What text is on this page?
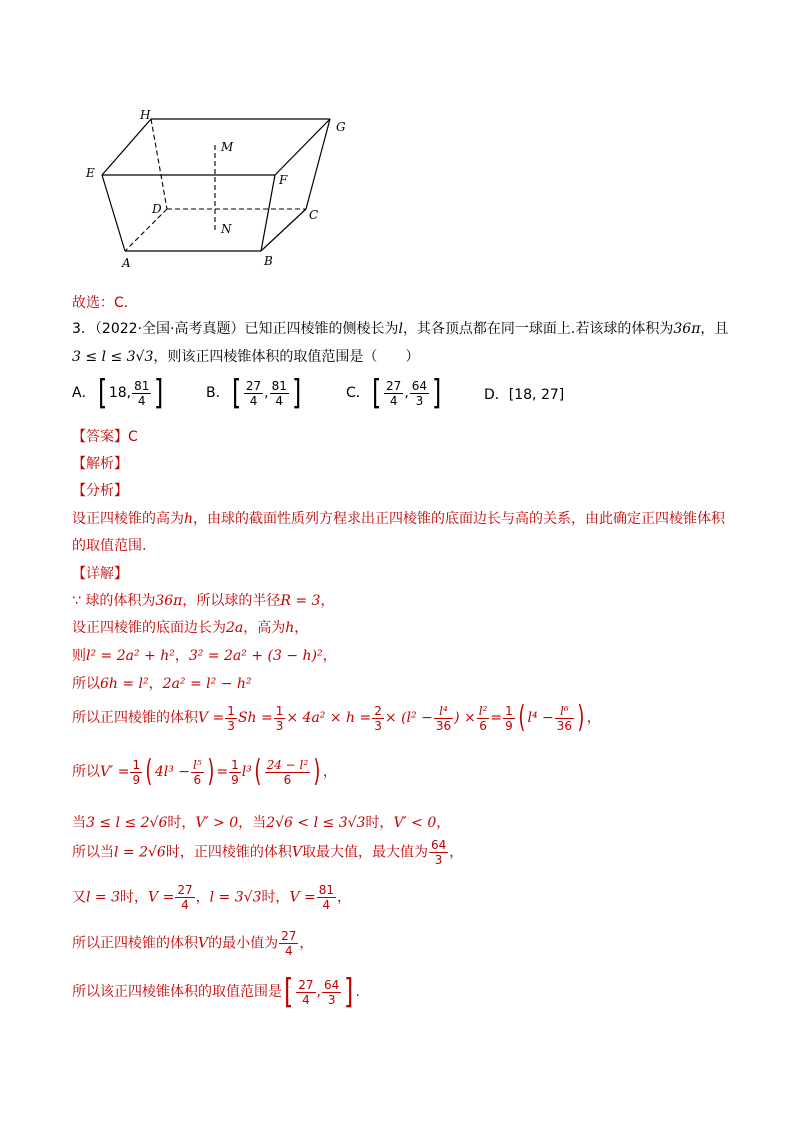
H
G
M
E	F
D	C
N
A	B
故选：C．
3．（2022·全国·高考真题）已知正四棱锥的侧棱长为l，其各顶点都在同一球面上.若该球的体积为36π，且
3 ≤ l ≤ 3√3，则该正四棱锥体积的取值范围是（　　）
A．[ 18, $\frac{81}{4}$ ]	B．[ $\frac{27}{4}$ , $\frac{81}{4}$ ]	C．[ $\frac{27}{4}$ , $\frac{64}{3}$ ]	D．[18, 27]
【答案】C
【解析】
【分析】
设正四棱锥的高为h，由球的截面性质列方程求出正四棱锥的底面边长与高的关系，由此确定正四棱锥体积
的取值范围.
【详解】
∵ 球的体积为36π，所以球的半径R = 3，
设正四棱锥的底面边长为2a，高为h，
则l² = 2a² + h²，3² = 2a² + (3 − h)²，
所以6h = l²，2a² = l² − h²
所以正四棱锥的体积$V = \frac{1}{3}$ $Sh = \frac{1}{3} \times 4a^2 \times h = \frac{2}{3} \times (l^2 - \frac{\text{l⁴}}{36}$ ) × $\frac{\text{l²}}{6} = \frac{1}{9}$ ( $l^4 - \frac{\text{l⁶}}{36}$ ) ，
所以$V' = \frac{1}{9}$ ( $4l^3 - \frac{\text{l⁵}}{6}$ ) = $\frac{1}{9} l^3( \frac{\text{24 − l²}}{6}$ ) ，
当3 ≤ l ≤ 2√6时，V′ > 0，当2√6 < l ≤ 3√3时，V′ < 0，
所以当l = 2√6时，正四棱锥的体积V取最大值，最大值为 $\frac{64}{3}$ ，
又l = 3时，$V = \frac{27}{4}$ ，l = 3√3时，$V = \frac{81}{4}$ ，
所以正四棱锥的体积V的最小值为 $\frac{27}{4}$ ，
所以该正四棱锥体积的取值范围是[ $\frac{27}{4}$ , $\frac{64}{3}$ ] .
